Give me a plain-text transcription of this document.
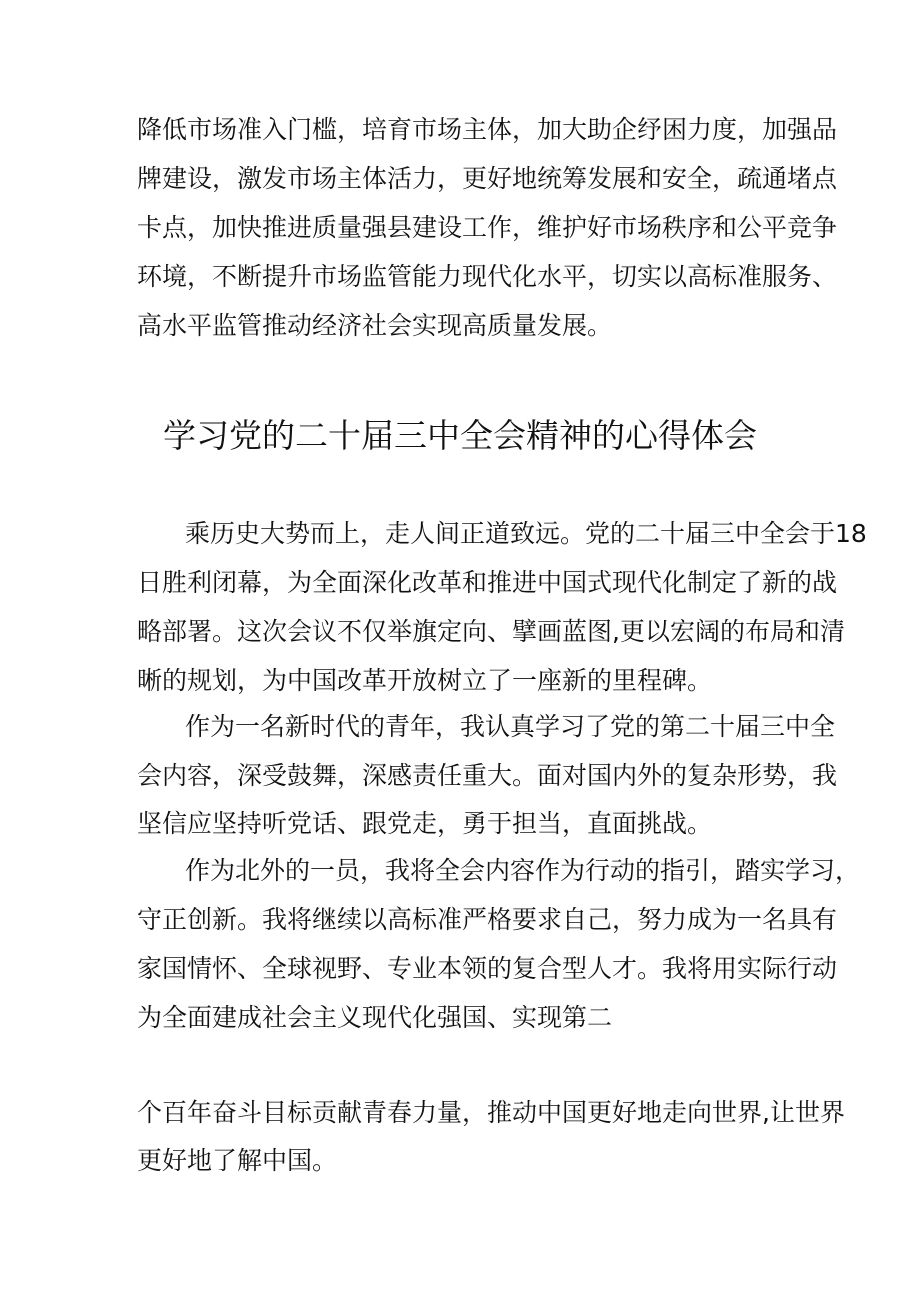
降低市场准入门槛，培育市场主体，加大助企纾困力度，加强品
牌建设，激发市场主体活力，更好地统筹发展和安全，疏通堵点
卡点，加快推进质量强县建设工作，维护好市场秩序和公平竞争
环境，不断提升市场监管能力现代化水平，切实以高标准服务、
高水平监管推动经济社会实现高质量发展。
学习党的二十届三中全会精神的心得体会
乘历史大势而上，走人间正道致远。党的二十届三中全会于18
日胜利闭幕，为全面深化改革和推进中国式现代化制定了新的战
略部署。这次会议不仅举旗定向、擘画蓝图,更以宏阔的布局和清
晰的规划，为中国改革开放树立了一座新的里程碑。
作为一名新时代的青年，我认真学习了党的第二十届三中全
会内容，深受鼓舞，深感责任重大。面对国内外的复杂形势，我
坚信应坚持听党话、跟党走，勇于担当，直面挑战。
作为北外的一员，我将全会内容作为行动的指引，踏实学习，
守正创新。我将继续以高标准严格要求自己，努力成为一名具有
家国情怀、全球视野、专业本领的复合型人才。我将用实际行动
为全面建成社会主义现代化强国、实现第二
个百年奋斗目标贡献青春力量，推动中国更好地走向世界,让世界
更好地了解中国。
